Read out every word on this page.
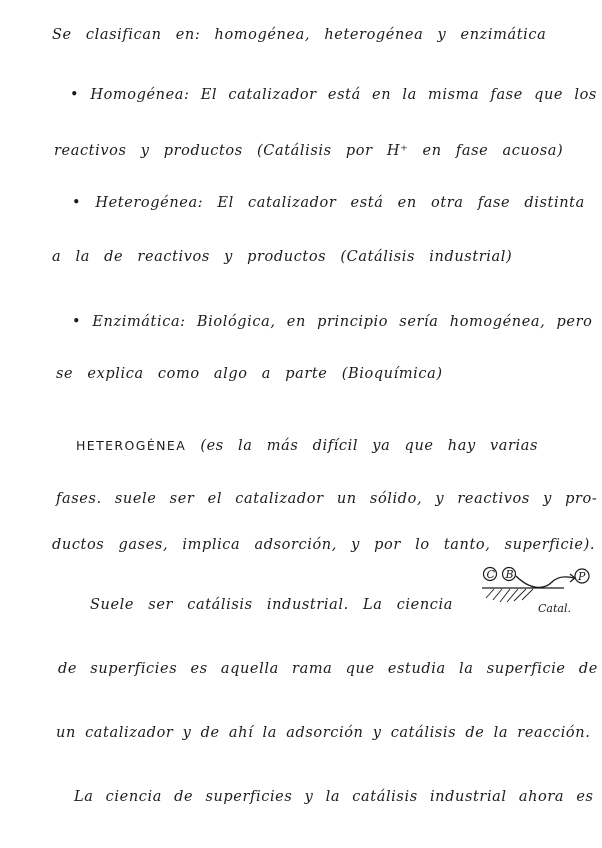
Se clasifican en: homogénea, heterogénea y enzimática
• Homogénea: El catalizador está en la misma fase que los
reactivos y productos (Catálisis por H⁺ en fase acuosa)
• Heterogénea: El catalizador está en otra fase distinta
a la de reactivos y productos (Catálisis industrial)
• Enzimática: Biológica, en principio sería homogénea, pero
se explica como algo a parte (Bioquímica)
HETEROGÉNEA (es la más difícil ya que hay varias
fases. suele ser el catalizador un sólido, y reactivos y pro-
ductos gases, implica adsorción, y por lo tanto, superficie).
Suele ser catálisis industrial. La ciencia
C B	P
Catal.
de superficies es aquella rama que estudia la superficie de
un catalizador y de ahí la adsorción y catálisis de la reacción.
La ciencia de superficies y la catálisis industrial ahora es
